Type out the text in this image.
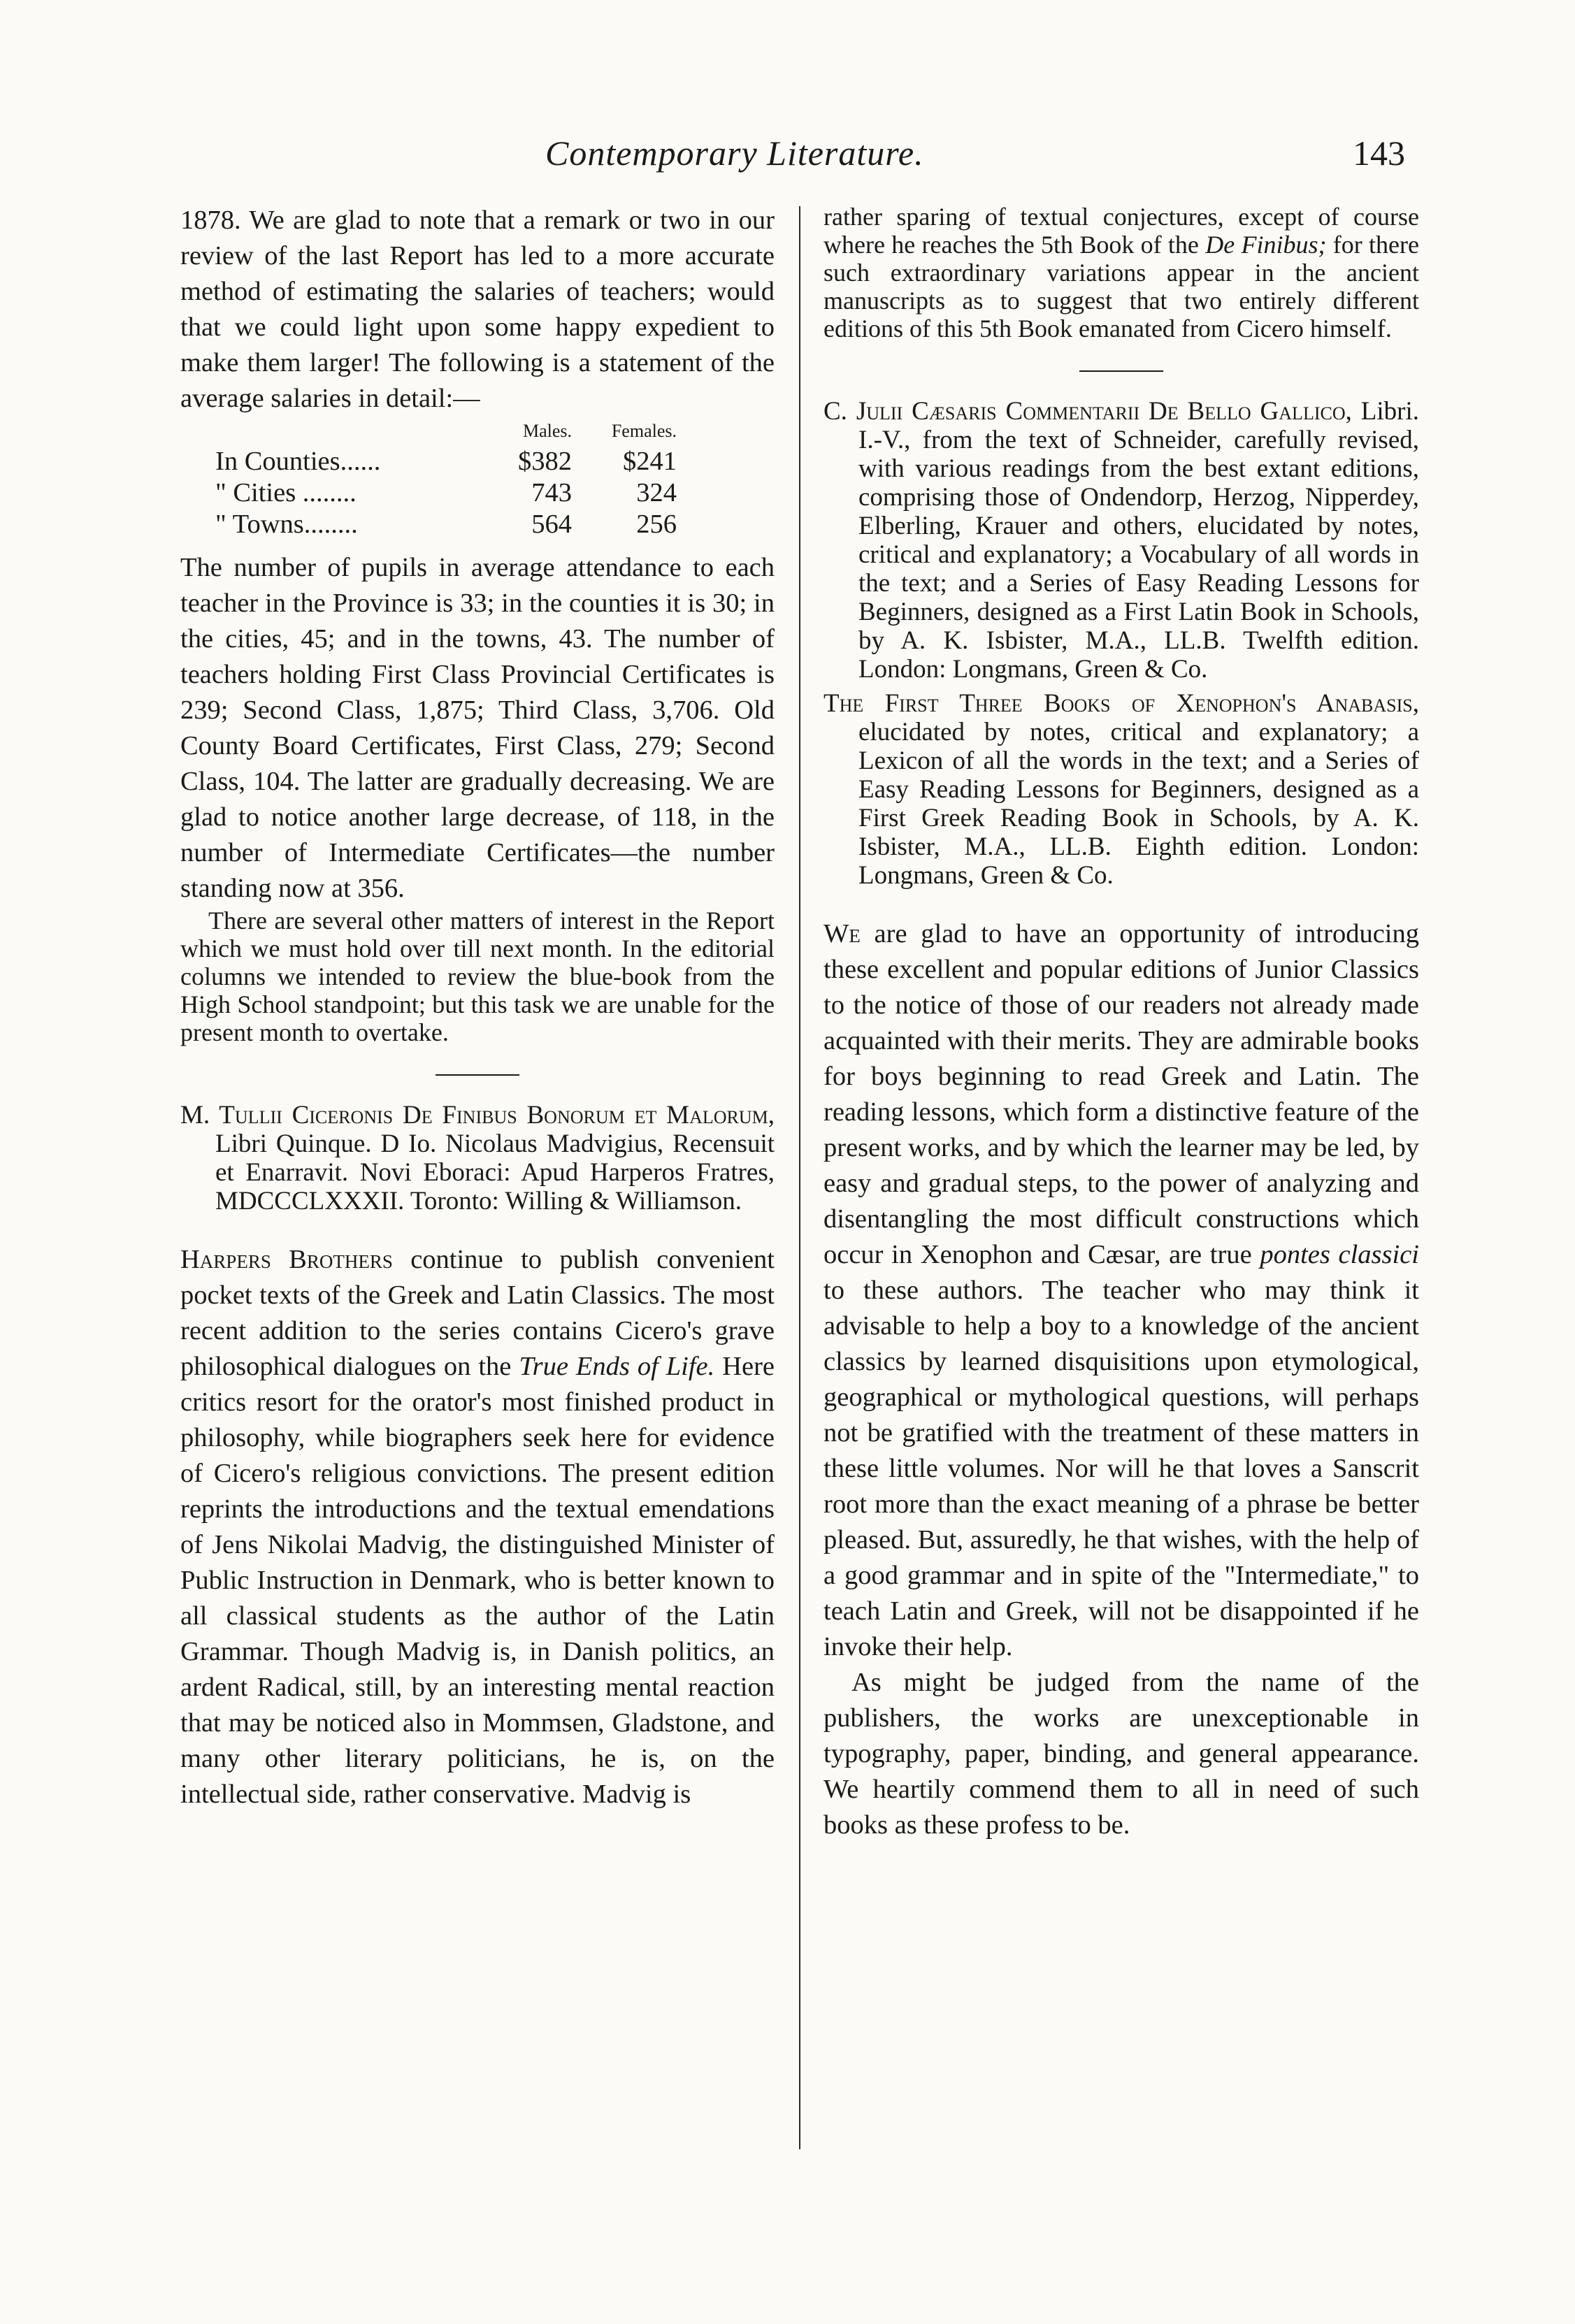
Contemporary Literature.	143

1878. We are glad to note that a remark or two in our review of the last Report has led to a more accurate method of estimating the salaries of teachers; would that we could light upon some happy expedient to make them larger! The following is a statement of the average salaries in detail:—

	Males.	Females.
In Counties......	$382	$241
" Cities ........	743	324
" Towns........	564	256

The number of pupils in average attendance to each teacher in the Province is 33; in the counties it is 30; in the cities, 45; and in the towns, 43. The number of teachers holding First Class Provincial Certificates is 239; Second Class, 1,875; Third Class, 3,706. Old County Board Certificates, First Class, 279; Second Class, 104. The latter are gradually decreasing. We are glad to notice another large decrease, of 118, in the number of Intermediate Certificates—the number standing now at 356.

There are several other matters of interest in the Report which we must hold over till next month. In the editorial columns we intended to review the blue-book from the High School standpoint; but this task we are unable for the present month to overtake.

M. Tullii Ciceronis De Finibus Bonorum et Malorum, Libri Quinque. D Io. Nicolaus Madvigius, Recensuit et Enarravit. Novi Eboraci: Apud Harperos Fratres, MDCCCLXXXII. Toronto: Willing & Williamson.

Harpers Brothers continue to publish convenient pocket texts of the Greek and Latin Classics. The most recent addition to the series contains Cicero's grave philosophical dialogues on the True Ends of Life. Here critics resort for the orator's most finished product in philosophy, while biographers seek here for evidence of Cicero's religious convictions. The present edition reprints the introductions and the textual emendations of Jens Nikolai Madvig, the distinguished Minister of Public Instruction in Denmark, who is better known to all classical students as the author of the Latin Grammar. Though Madvig is, in Danish politics, an ardent Radical, still, by an interesting mental reaction that may be noticed also in Mommsen, Gladstone, and many other literary politicians, he is, on the intellectual side, rather conservative. Madvig is

rather sparing of textual conjectures, except of course where he reaches the 5th Book of the De Finibus; for there such extraordinary variations appear in the ancient manuscripts as to suggest that two entirely different editions of this 5th Book emanated from Cicero himself.

C. Julii Cæsaris Commentarii De Bello Gallico, Libri. I.-V., from the text of Schneider, carefully revised, with various readings from the best extant editions, comprising those of Ondendorp, Herzog, Nipperdey, Elberling, Krauer and others, elucidated by notes, critical and explanatory; a Vocabulary of all words in the text; and a Series of Easy Reading Lessons for Beginners, designed as a First Latin Book in Schools, by A. K. Isbister, M.A., LL.B. Twelfth edition. London: Longmans, Green & Co.

The First Three Books of Xenophon's Anabasis, elucidated by notes, critical and explanatory; a Lexicon of all the words in the text; and a Series of Easy Reading Lessons for Beginners, designed as a First Greek Reading Book in Schools, by A. K. Isbister, M.A., LL.B. Eighth edition. London: Longmans, Green & Co.

We are glad to have an opportunity of introducing these excellent and popular editions of Junior Classics to the notice of those of our readers not already made acquainted with their merits. They are admirable books for boys beginning to read Greek and Latin. The reading lessons, which form a distinctive feature of the present works, and by which the learner may be led, by easy and gradual steps, to the power of analyzing and disentangling the most difficult constructions which occur in Xenophon and Cæsar, are true pontes classici to these authors. The teacher who may think it advisable to help a boy to a knowledge of the ancient classics by learned disquisitions upon etymological, geographical or mythological questions, will perhaps not be gratified with the treatment of these matters in these little volumes. Nor will he that loves a Sanscrit root more than the exact meaning of a phrase be better pleased. But, assuredly, he that wishes, with the help of a good grammar and in spite of the "Intermediate," to teach Latin and Greek, will not be disappointed if he invoke their help.

As might be judged from the name of the publishers, the works are unexceptionable in typography, paper, binding, and general appearance. We heartily commend them to all in need of such books as these profess to be.
